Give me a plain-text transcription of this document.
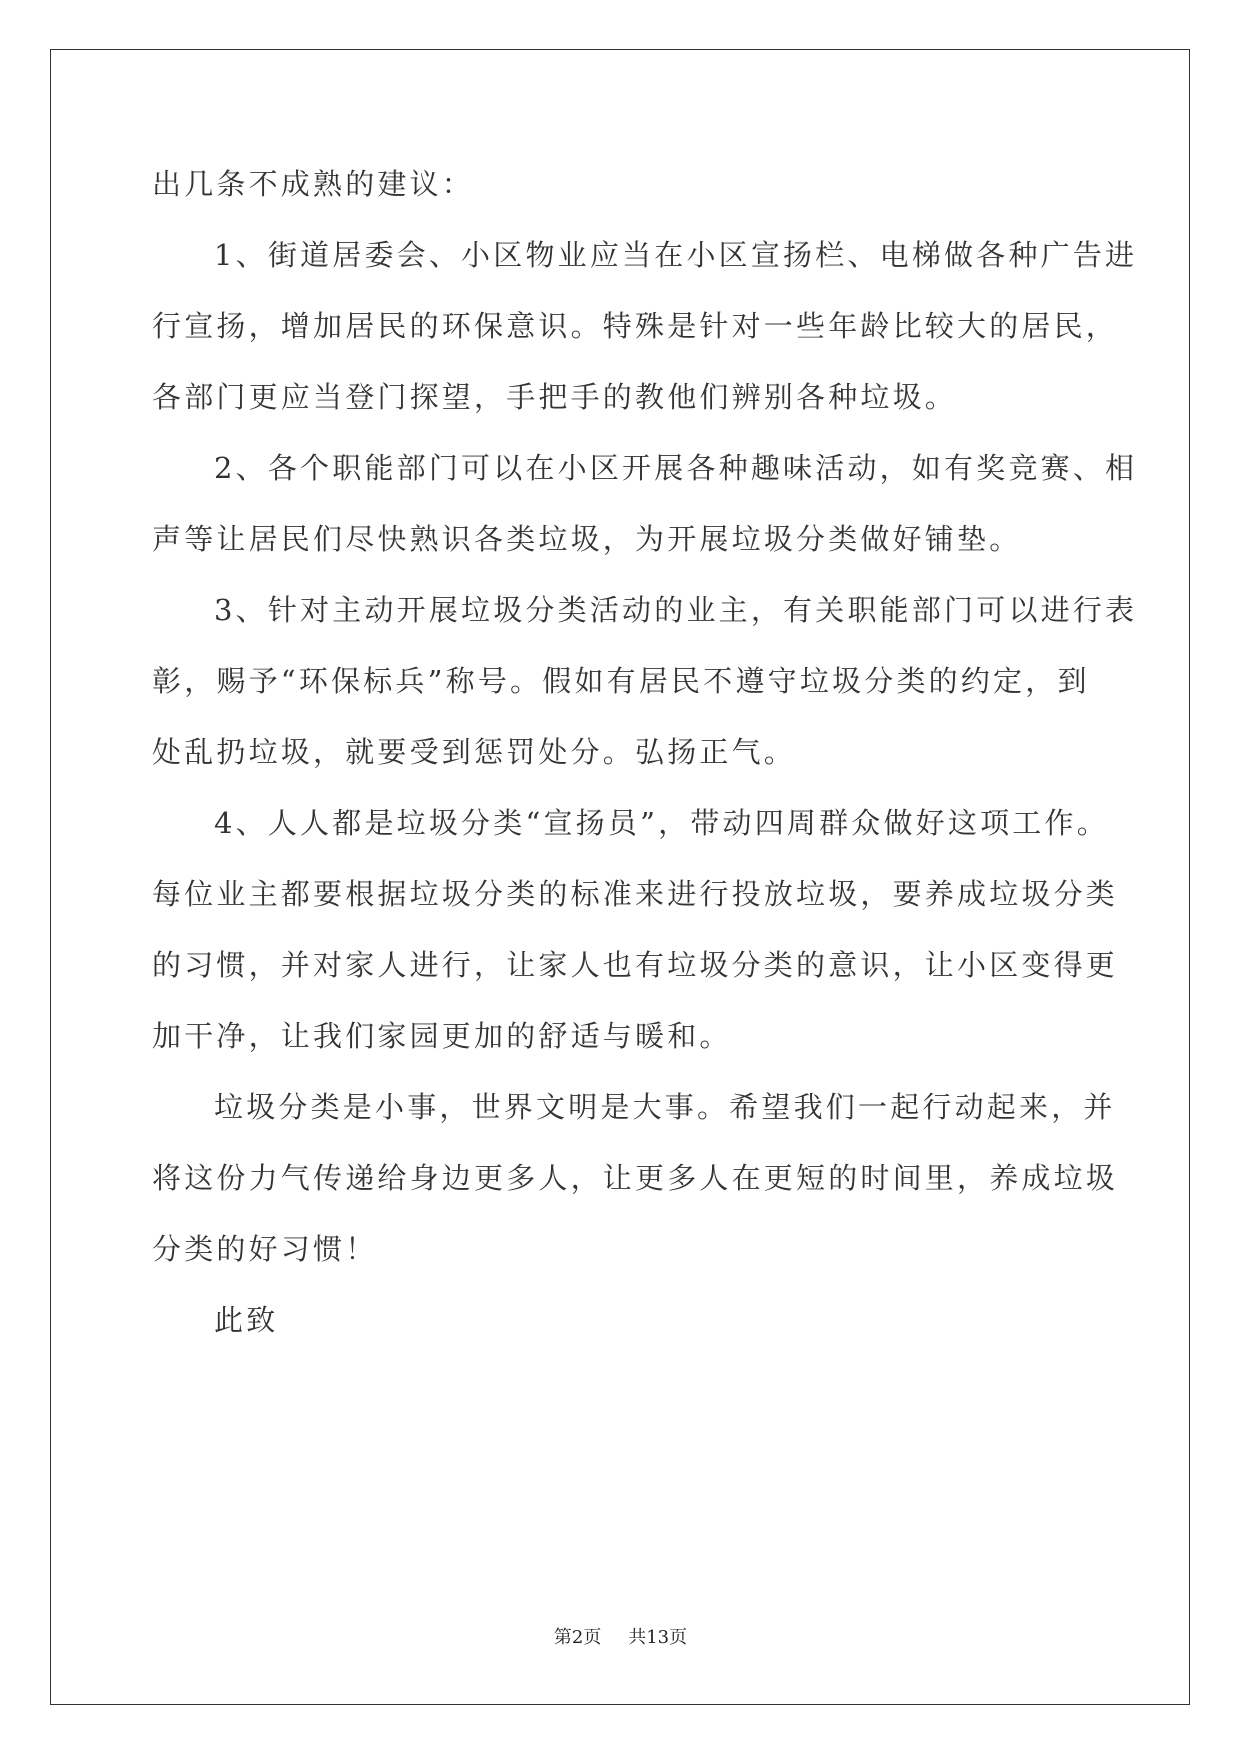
出几条不成熟的建议：
1、街道居委会、小区物业应当在小区宣扬栏、电梯做各种广告进
行宣扬，增加居民的环保意识。特殊是针对一些年龄比较大的居民，
各部门更应当登门探望，手把手的教他们辨别各种垃圾。
2、各个职能部门可以在小区开展各种趣味活动，如有奖竞赛、相
声等让居民们尽快熟识各类垃圾，为开展垃圾分类做好铺垫。
3、针对主动开展垃圾分类活动的业主，有关职能部门可以进行表
彰，赐予“环保标兵”称号。假如有居民不遵守垃圾分类的约定，到
处乱扔垃圾，就要受到惩罚处分。弘扬正气。
4、人人都是垃圾分类“宣扬员”，带动四周群众做好这项工作。
每位业主都要根据垃圾分类的标准来进行投放垃圾，要养成垃圾分类
的习惯，并对家人进行，让家人也有垃圾分类的意识，让小区变得更
加干净，让我们家园更加的舒适与暖和。
垃圾分类是小事，世界文明是大事。希望我们一起行动起来，并
将这份力气传递给身边更多人，让更多人在更短的时间里，养成垃圾
分类的好习惯！
此致
第2页 共13页
